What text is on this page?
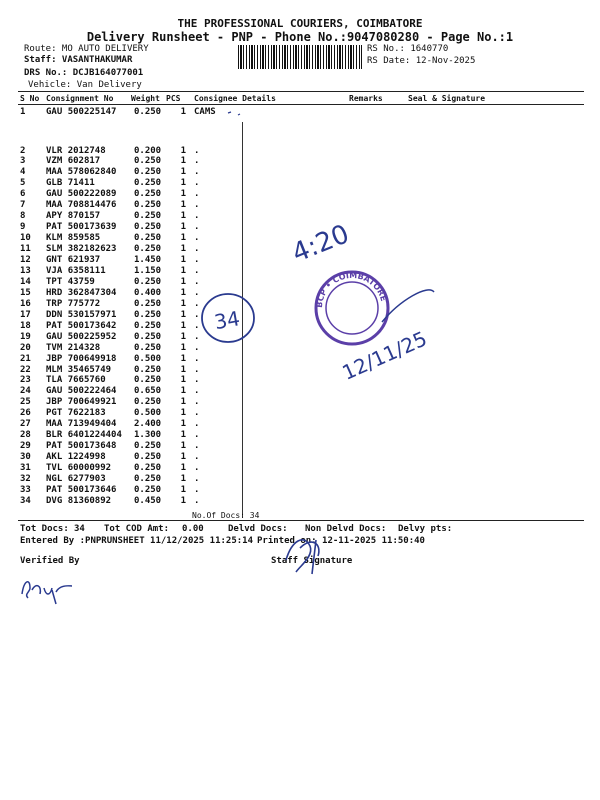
THE PROFESSIONAL COURIERS, COIMBATORE
Delivery Runsheet - PNP - Phone No.:9047080280 - Page No.:1
Route: MO AUTO DELIVERY
Staff: VASANTHAKUMAR
DRS No.: DCJB164077001
Vehicle: Van Delivery
RS No.: 1640770
RS Date: 12-Nov-2025
S No Consignment No Weight PCS Consignee Details	Remarks	Seal & Signature
1 GAU 500225147 0.250 1 CAMS
2 VLR 2012748	0.200 1 .
3 VZM 602817	0.250 1 .
4 MAA 578062840 0.250 1 .
5 GLB 71411	0.250 1 .
6 GAU 500222089 0.250 1 .
7 MAA 708814476 0.250 1 .
8 APY 870157	0.250 1 .
9 PAT 500173639 0.250 1 .
10 KLM 859585	0.250 1 .
11 SLM 382182623 0.250 1 .
12 GNT 621937	1.450 1 .
13 VJA 6358111	1.150 1 .
14 TPT 43759	0.250 1 .
15 HRD 362847304 0.400 1 .
16 TRP 775772	0.250 1 .
17 DDN 530157971 0.250 1 .
18 PAT 500173642 0.250 1 .
19 GAU 500225952 0.250 1 .
20 TVM 214328	0.250 1 .
21 JBP 700649918 0.500 1 .
22 MLM 35465749	0.250 1 .
23 TLA 7665760	0.250 1 .
24 GAU 500222464 0.650 1 .
25 JBP 700649921 0.250 1 .
26 PGT 7622183	0.500 1 .
27 MAA 713949404 2.400 1 .
28 BLR 6401224404 1.300 1 .
29 PAT 500173648 0.250 1 .
30 AKL 1224998	0.250 1 .
31 TVL 60000992	0.250 1 .
32 NGL 6277903	0.250 1 .
33 PAT 500173646 0.250 1 .
34 DVG 81360892	0.450 1 .
No.Of Docs: 34
Tot Docs: 34 Tot COD Amt: 0.00	Delvd Docs: Non Delvd Docs: Delvy pts:
Entered By :PNPRUNSHEET 11/12/2025 11:25:14 Printed on: 12-11-2025 11:50:40
Verified By	Staff Signature
34
4:20
BCP • COIMBATORE
12/11/25
